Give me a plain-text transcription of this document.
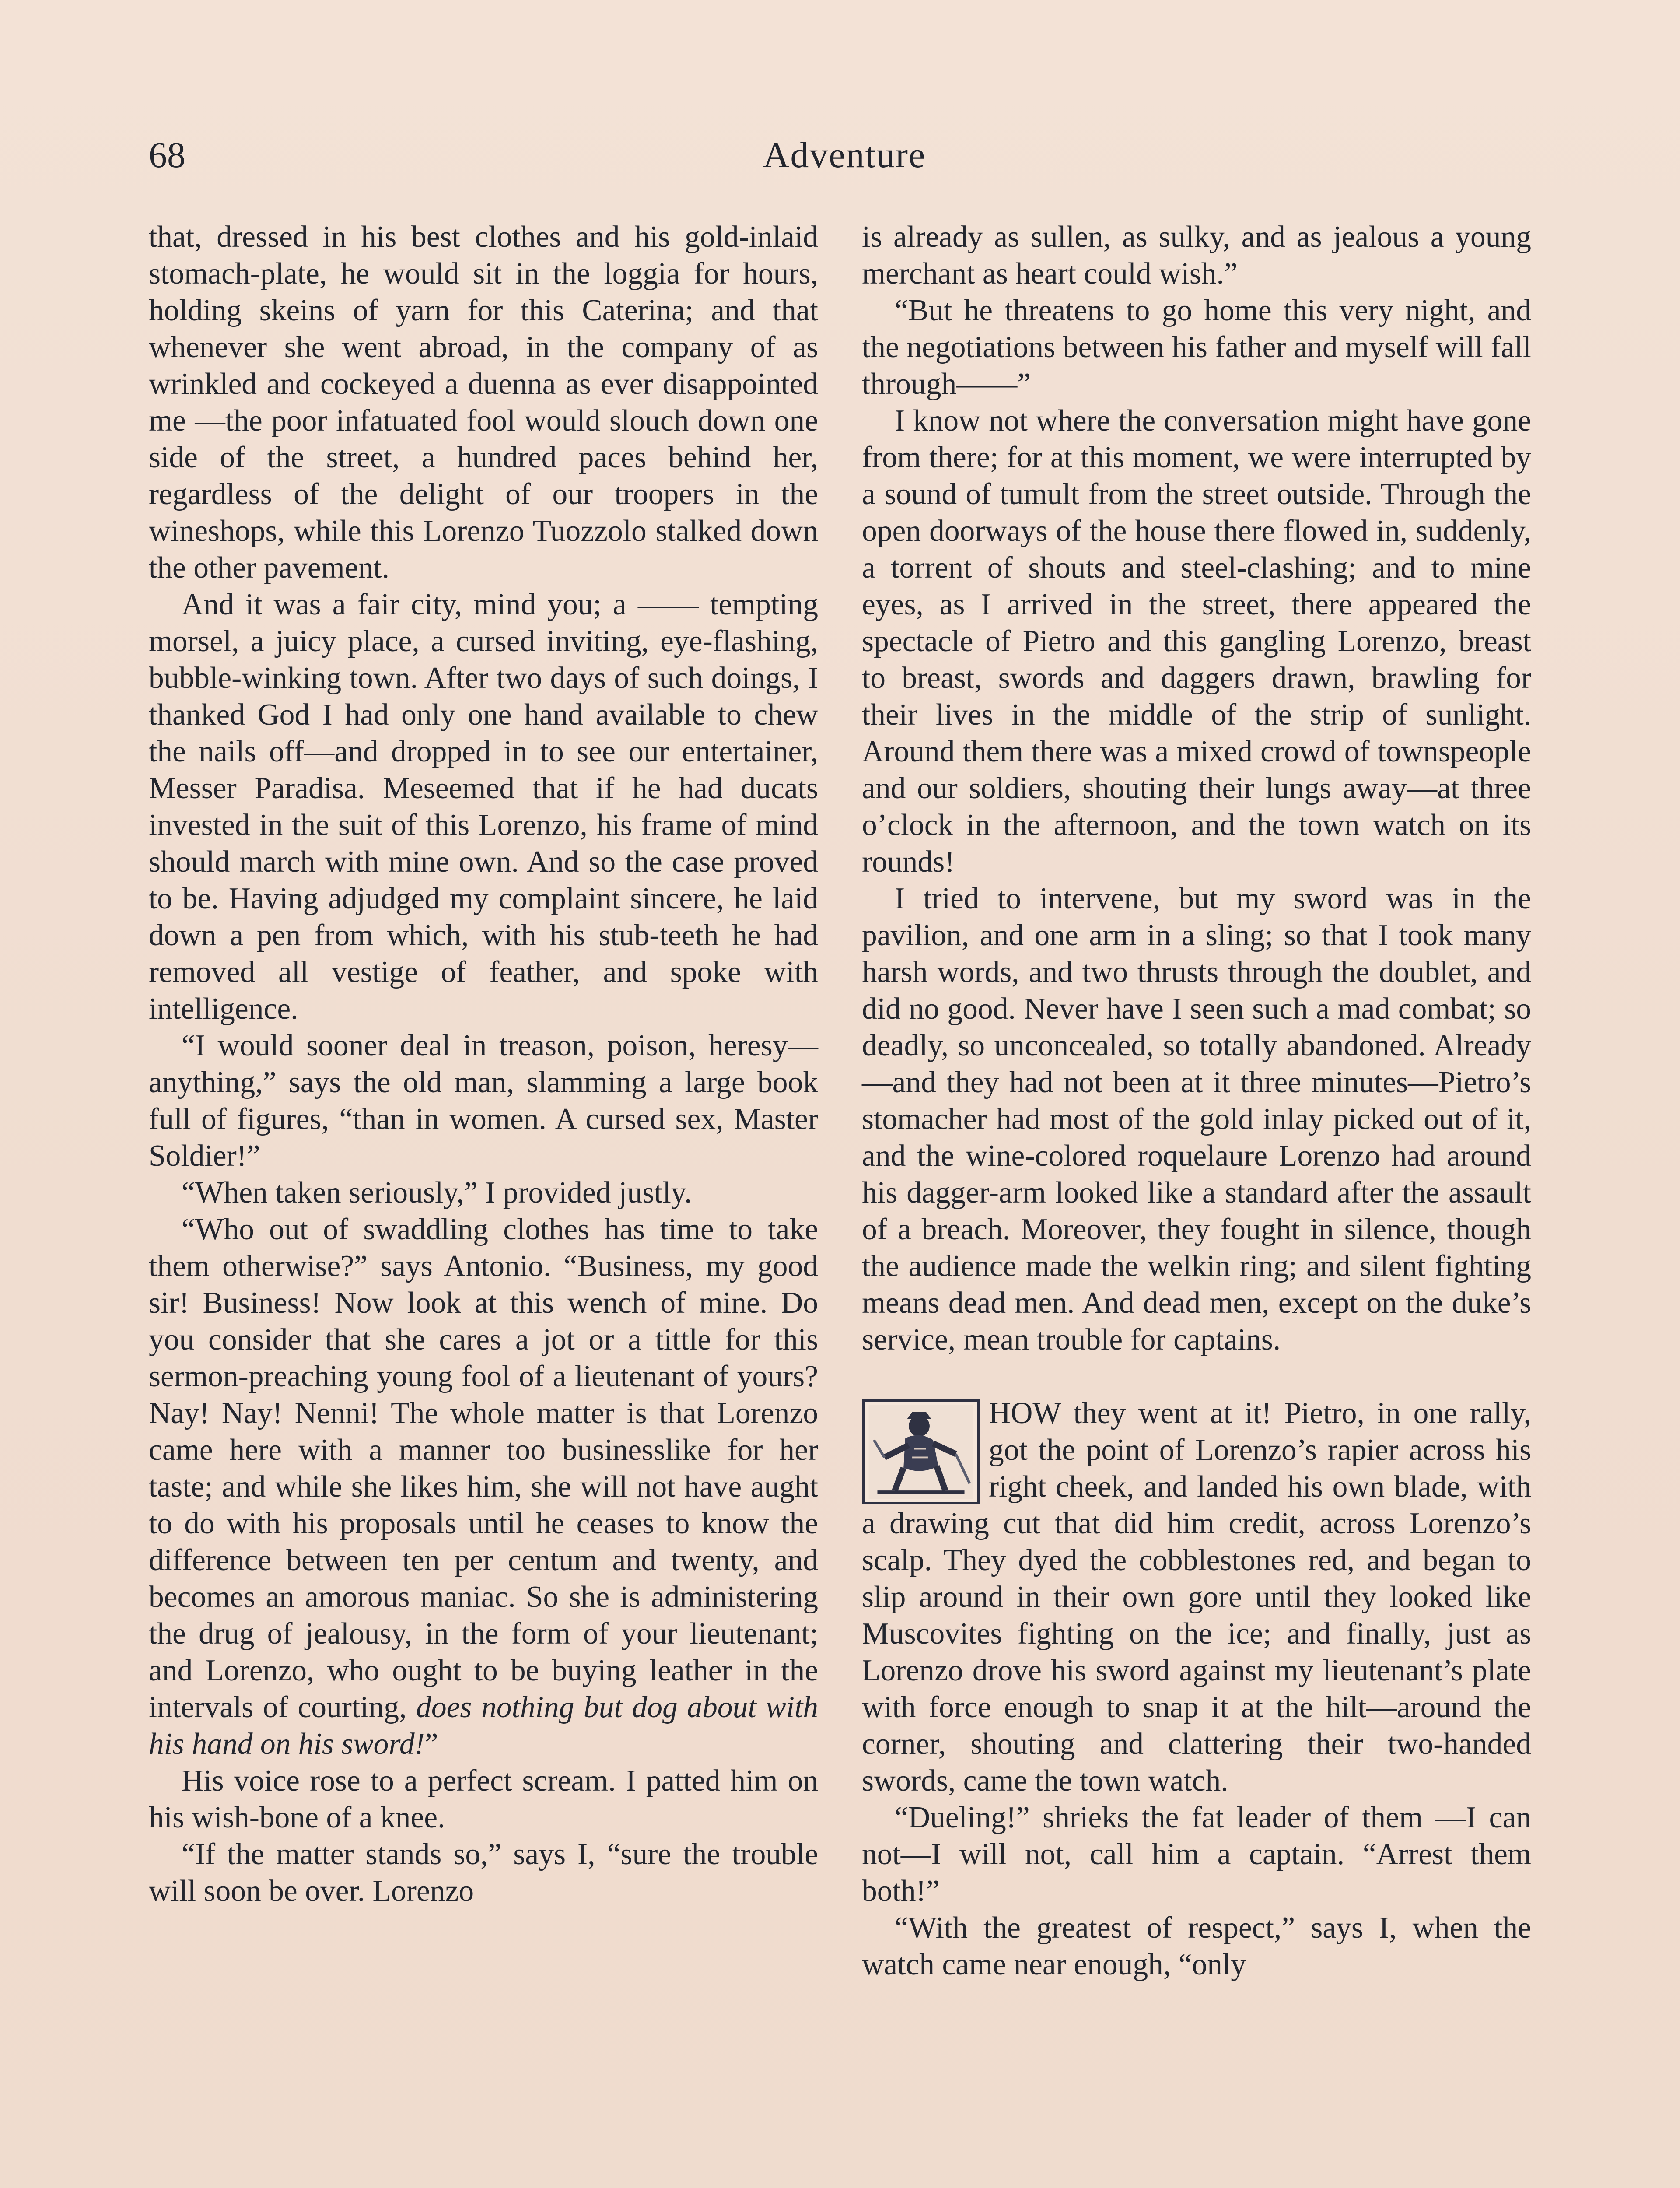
68	Adventure

that, dressed in his best clothes and his gold-inlaid stomach-plate, he would sit in the loggia for hours, holding skeins of yarn for this Caterina; and that whenever she went abroad, in the company of as wrinkled and cockeyed a duenna as ever disappointed me —the poor infatuated fool would slouch down one side of the street, a hundred paces behind her, regardless of the delight of our troopers in the wineshops, while this Lorenzo Tuozzolo stalked down the other pavement.

And it was a fair city, mind you; a —— tempting morsel, a juicy place, a cursed inviting, eye-flashing, bubble-winking town. After two days of such doings, I thanked God I had only one hand available to chew the nails off—and dropped in to see our entertainer, Messer Paradisa. Meseemed that if he had ducats invested in the suit of this Lorenzo, his frame of mind should march with mine own. And so the case proved to be. Having adjudged my complaint sincere, he laid down a pen from which, with his stub-teeth he had removed all vestige of feather, and spoke with intelligence.

“I would sooner deal in treason, poison, heresy—anything,” says the old man, slamming a large book full of figures, “than in women. A cursed sex, Master Soldier!”

“When taken seriously,” I provided justly.

“Who out of swaddling clothes has time to take them otherwise?” says Antonio. “Business, my good sir! Business! Now look at this wench of mine. Do you consider that she cares a jot or a tittle for this sermon-preaching young fool of a lieutenant of yours? Nay! Nay! Nenni! The whole matter is that Lorenzo came here with a manner too businesslike for her taste; and while she likes him, she will not have aught to do with his proposals until he ceases to know the difference between ten per centum and twenty, and becomes an amorous maniac. So she is administering the drug of jealousy, in the form of your lieutenant; and Lorenzo, who ought to be buying leather in the intervals of courting, does nothing but dog about with his hand on his sword!”

His voice rose to a perfect scream. I patted him on his wish-bone of a knee.

“If the matter stands so,” says I, “sure the trouble will soon be over. Lorenzo

is already as sullen, as sulky, and as jealous a young merchant as heart could wish.”

“But he threatens to go home this very night, and the negotiations between his father and myself will fall through——”

I know not where the conversation might have gone from there; for at this moment, we were interrupted by a sound of tumult from the street outside. Through the open doorways of the house there flowed in, suddenly, a torrent of shouts and steel-clashing; and to mine eyes, as I arrived in the street, there appeared the spectacle of Pietro and this gangling Lorenzo, breast to breast, swords and daggers drawn, brawling for their lives in the middle of the strip of sunlight. Around them there was a mixed crowd of townspeople and our soldiers, shouting their lungs away—at three o’clock in the afternoon, and the town watch on its rounds!

I tried to intervene, but my sword was in the pavilion, and one arm in a sling; so that I took many harsh words, and two thrusts through the doublet, and did no good. Never have I seen such a mad combat; so deadly, so unconcealed, so totally abandoned. Already—and they had not been at it three minutes—Pietro’s stomacher had most of the gold inlay picked out of it, and the wine-colored roquelaure Lorenzo had around his dagger-arm looked like a standard after the assault of a breach. Moreover, they fought in silence, though the audience made the welkin ring; and silent fighting means dead men. And dead men, except on the duke’s service, mean trouble for captains.

HOW they went at it! Pietro, in one rally, got the point of Lorenzo’s rapier across his right cheek, and landed his own blade, with a drawing cut that did him credit, across Lorenzo’s scalp. They dyed the cobblestones red, and began to slip around in their own gore until they looked like Muscovites fighting on the ice; and finally, just as Lorenzo drove his sword against my lieutenant’s plate with force enough to snap it at the hilt—around the corner, shouting and clattering their two-handed swords, came the town watch.

“Dueling!” shrieks the fat leader of them —I can not—I will not, call him a captain. “Arrest them both!”

“With the greatest of respect,” says I, when the watch came near enough, “only
